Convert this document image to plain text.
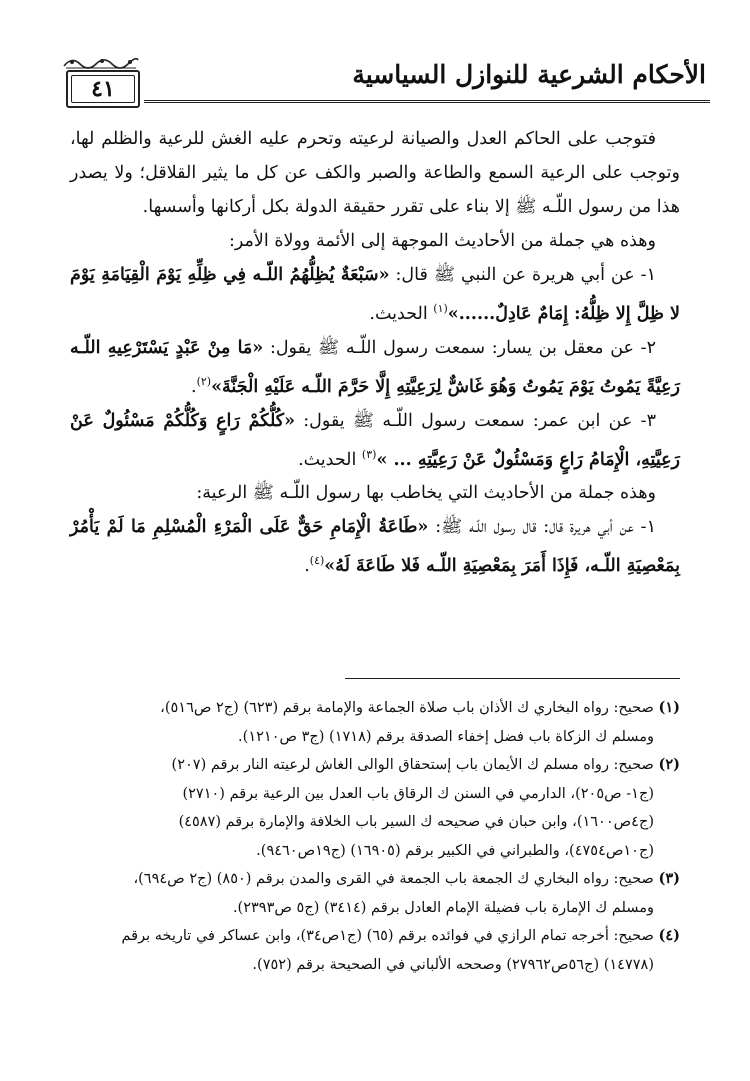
٤١	الأحكام الشرعية للنوازل السياسية

فتوجب على الحاكم العدل والصيانة لرعيته وتحرم عليه الغش للرعية والظلم لها، وتوجب على الرعية السمع والطاعة والصبر والكف عن كل ما يثير القلاقل؛ ولا يصدر هذا من رسول اللّـه ﷺ إلا بناء على تقرر حقيقة الدولة بكل أركانها وأسسها.

وهذه هي جملة من الأحاديث الموجهة إلى الأئمة وولاة الأمر:

١- عن أبي هريرة عن النبي ﷺ قال: «سَبْعَةٌ يُظِلُّهُمُ اللّـه فِي ظِلِّهِ يَوْمَ الْقِيَامَةِ يَوْمَ لا ظِلَّ إِلا ظِلُّهُ: إِمَامٌ عَادِلٌ......»$^{(١)}$ الحديث.

٢- عن معقل بن يسار: سمعت رسول اللّـه ﷺ يقول: «مَا مِنْ عَبْدٍ يَسْتَرْعِيهِ اللّـه رَعِيَّةً يَمُوتُ يَوْمَ يَمُوتُ وَهُوَ غَاشٌّ لِرَعِيَّتِهِ إِلَّا حَرَّمَ اللّـه عَلَيْهِ الْجَنَّةَ»$^{(٢)}$.

٣- عن ابن عمر: سمعت رسول اللّـه ﷺ يقول: «كُلُّكُمْ رَاعٍ وَكُلُّكُمْ مَسْئُولٌ عَنْ رَعِيَّتِهِ، الْإِمَامُ رَاعٍ وَمَسْئُولٌ عَنْ رَعِيَّتِهِ ... »$^{(٣)}$ الحديث.

وهذه جملة من الأحاديث التي يخاطب بها رسول اللّـه ﷺ الرعية:

١- عن أبي هريرة قال: قال رسول اللّـه ﷺ: «طَاعَةُ الْإِمَامِ حَقٌّ عَلَى الْمَرْءِ الْمُسْلِمِ مَا لَمْ يَأْمُرْ بِمَعْصِيَةِ اللّـه، فَإِذَا أَمَرَ بِمَعْصِيَةِ اللّـه فَلا طَاعَةَ لَهُ»$^{(٤)}$.

(١) صحيح: رواه البخاري ك الأذان باب صلاة الجماعة والإمامة برقم (٦٢٣) (ج٢ ص٥١٦)،

ومسلم ك الزكاة باب فضل إخفاء الصدقة برقم (١٧١٨) (ج٣ ص١٢١٠).

(٢) صحيح: رواه مسلم ك الأيمان باب إستحقاق الوالى الغاش لرعيته النار برقم (٢٠٧)

(ج١- ص٢٠٥)، الدارمي في السنن ك الرقاق باب العدل بين الرعية برقم (٢٧١٠)

(ج٤ص١٦٠٠)، وابن حبان في صحيحه ك السير باب الخلافة والإمارة برقم (٤٥٨٧)

(ج١٠ص٤٧٥٤)، والطبراني في الكبير برقم (١٦٩٠٥) (ج١٩ص٩٤٦٠).

(٣) صحيح: رواه البخاري ك الجمعة باب الجمعة في القرى والمدن برقم (٨٥٠) (ج٢ ص٦٩٤)،

ومسلم ك الإمارة باب فضيلة الإمام العادل برقم (٣٤١٤) (ج٥ ص٢٣٩٣).

(٤) صحيح: أخرجه تمام الرازي في فوائده برقم (٦٥) (ج١ص٣٤)، وابن عساكر في تاريخه برقم

(١٤٧٧٨) (ج٥٦ص٢٧٩٦٢) وصححه الألباني في الصحيحة برقم (٧٥٢).
